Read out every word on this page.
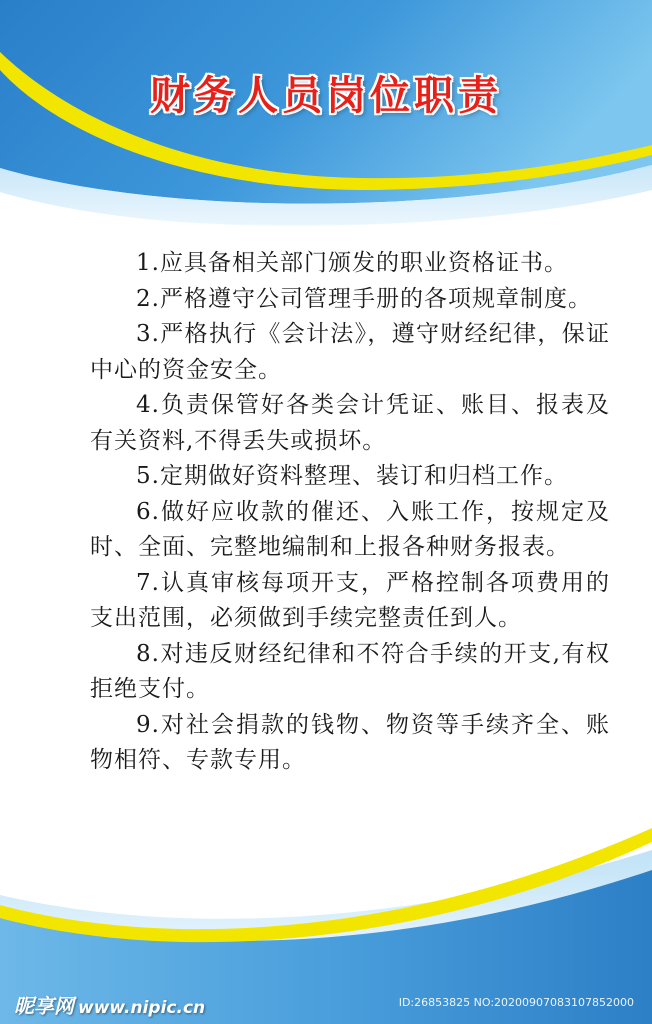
财务人员岗位职责
1.应具备相关部门颁发的职业资格证书。
2.严格遵守公司管理手册的各项规章制度。
3.严格执行《会计法》，遵守财经纪律，保证中心的资金安全。
4.负责保管好各类会计凭证、账目、报表及有关资料,不得丢失或损坏。
5.定期做好资料整理、装订和归档工作。
6.做好应收款的催还、入账工作，按规定及时、全面、完整地编制和上报各种财务报表。
7.认真审核每项开支，严格控制各项费用的支出范围，必须做到手续完整责任到人。
8.对违反财经纪律和不符合手续的开支,有权拒绝支付。
9.对社会捐款的钱物、物资等手续齐全、账物相符、专款专用。
昵享网 www.nipic.cn	ID:26853825 NO:20200907083107852000
